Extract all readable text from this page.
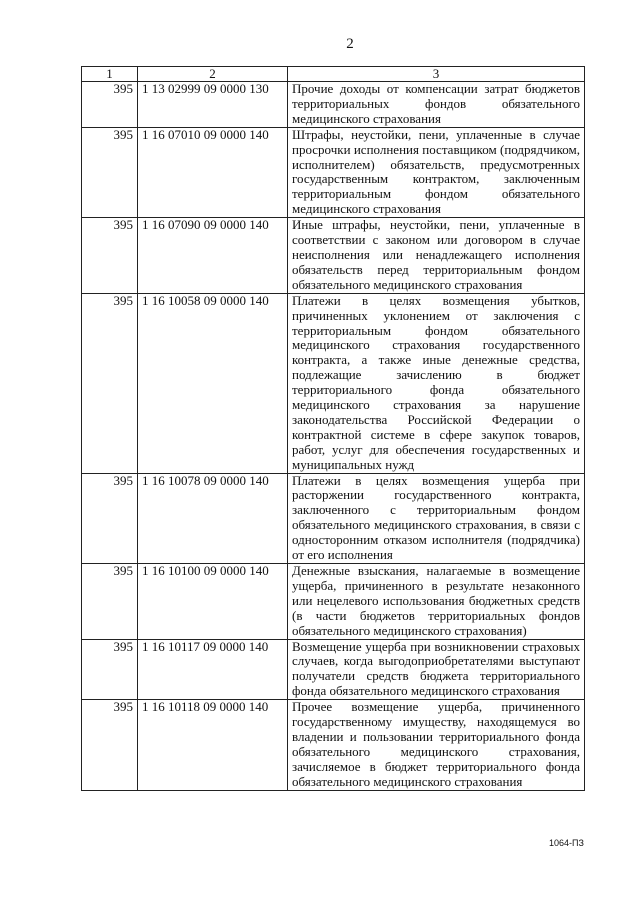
2
1	2	3
395	1 13 02999 09 0000 130	Прочие доходы от компенсации затрат бюджетов территориальных фондов обязательного медицинского страхования
395	1 16 07010 09 0000 140	Штрафы, неустойки, пени, уплаченные в случае просрочки исполнения поставщиком (подрядчиком, исполнителем) обязательств, предусмотренных государственным контрактом, заключенным территориальным фондом обязательного медицинского страхования
395	1 16 07090 09 0000 140	Иные штрафы, неустойки, пени, уплаченные в соответствии с законом или договором в случае неисполнения или ненадлежащего исполнения обязательств перед территориальным фондом обязательного медицинского страхования
395	1 16 10058 09 0000 140	Платежи в целях возмещения убытков, причиненных уклонением от заключения с территориальным фондом обязательного медицинского страхования государственного контракта, а также иные денежные средства, подлежащие зачислению в бюджет территориального фонда обязательного медицинского страхования за нарушение законодательства Российской Федерации о контрактной системе в сфере закупок товаров, работ, услуг для обеспечения государственных и муниципальных нужд
395	1 16 10078 09 0000 140	Платежи в целях возмещения ущерба при расторжении государственного контракта, заключенного с территориальным фондом обязательного медицинского страхования, в связи с односторонним отказом исполнителя (подрядчика) от его исполнения
395	1 16 10100 09 0000 140	Денежные взыскания, налагаемые в возмещение ущерба, причиненного в результате незаконного или нецелевого использования бюджетных средств (в части бюджетов территориальных фондов обязательного медицинского страхования)
395	1 16 10117 09 0000 140	Возмещение ущерба при возникновении страховых случаев, когда выгодоприобретателями выступают получатели средств бюджета территориального фонда обязательного медицинского страхования
395	1 16 10118 09 0000 140	Прочее возмещение ущерба, причиненного государственному имуществу, находящемуся во владении и пользовании территориального фонда обязательного медицинского страхования, зачисляемое в бюджет территориального фонда обязательного медицинского страхования
1064-ПЗ
